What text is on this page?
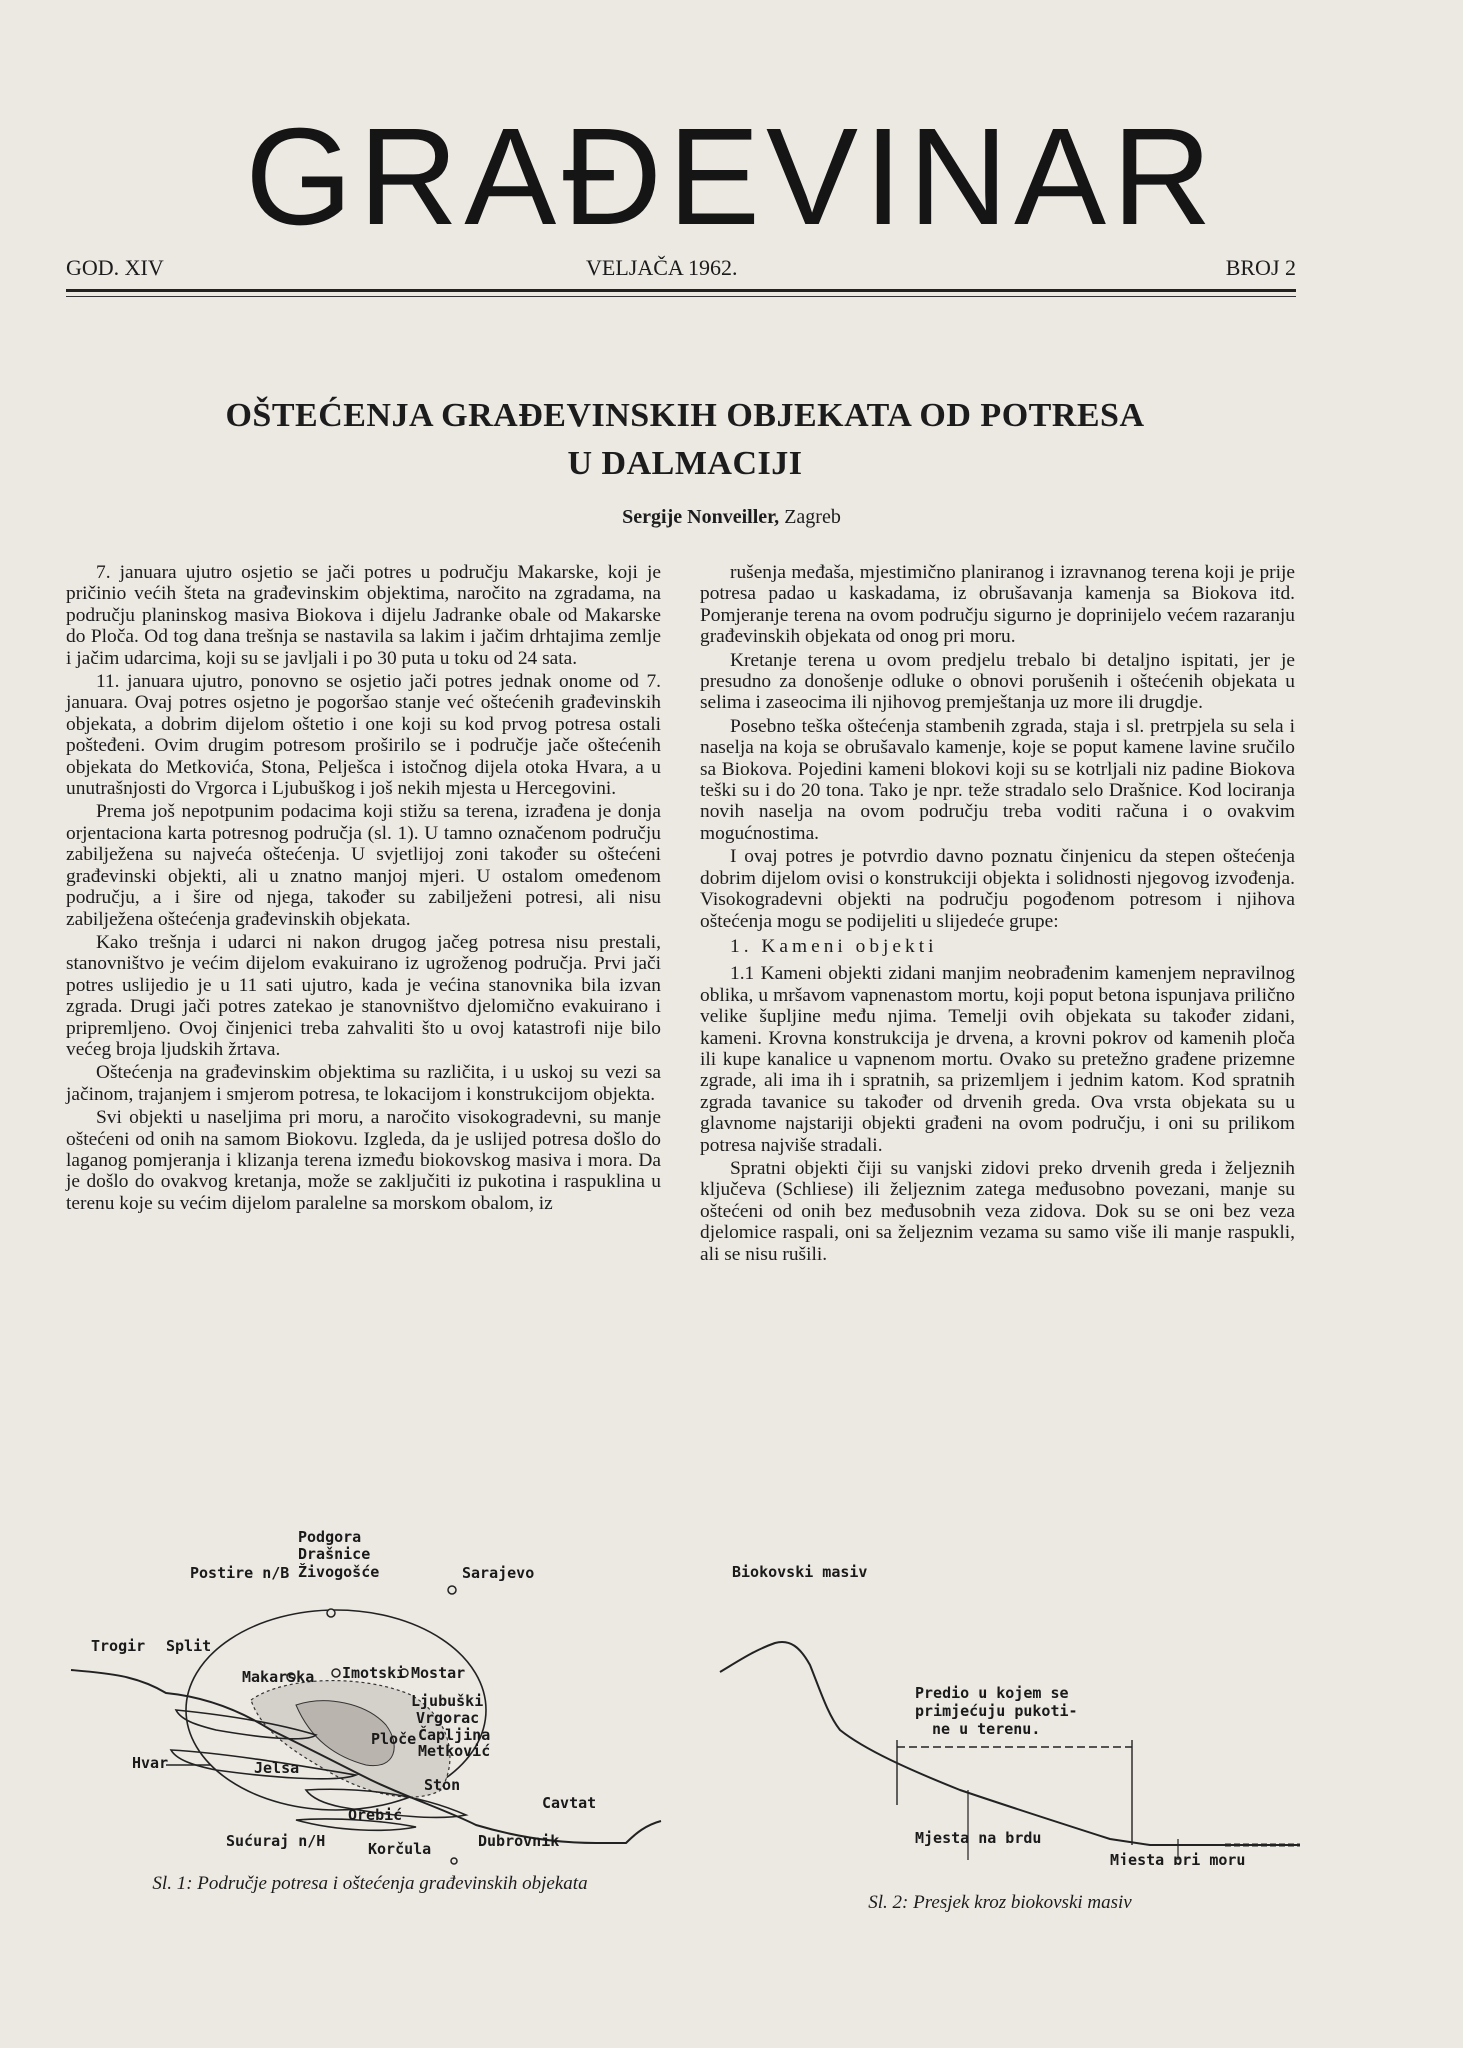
GRAĐEVINAR
GOD. XIV	VELJAČA 1962.	BROJ 2
OŠTEĆENJA GRAĐEVINSKIH OBJEKATA OD POTRESA
U DALMACIJI
Sergije Nonveiller, Zagreb

7. januara ujutro osjetio se jači potres u području Makarske, koji je pričinio većih šteta na građevinskim objektima, naročito na zgradama, na području planinskog masiva Biokova i dijelu Jadranke obale od Makarske do Ploča. Od tog dana trešnja se nastavila sa lakim i jačim drhtajima zemlje i jačim udarcima, koji su se javljali i po 30 puta u toku od 24 sata.

11. januara ujutro, ponovno se osjetio jači potres jednak onome od 7. januara. Ovaj potres osjetno je pogoršao stanje već oštećenih građevinskih objekata, a dobrim dijelom oštetio i one koji su kod prvog potresa ostali pošteđeni. Ovim drugim potresom proširilo se i područje jače oštećenih objekata do Metkovića, Stona, Pelješca i istočnog dijela otoka Hvara, a u unutrašnjosti do Vrgorca i Ljubuškog i još nekih mjesta u Hercegovini.

Prema još nepotpunim podacima koji stižu sa terena, izrađena je donja orjentaciona karta potresnog područja (sl. 1). U tamno označenom području zabilježena su najveća oštećenja. U svjetlijoj zoni također su oštećeni građevinski objekti, ali u znatno manjoj mjeri. U ostalom omeđenom području, a i šire od njega, također su zabilježeni potresi, ali nisu zabilježena oštećenja građevinskih objekata.

Kako trešnja i udarci ni nakon drugog jačeg potresa nisu prestali, stanovništvo je većim dijelom evakuirano iz ugroženog područja. Prvi jači potres uslijedio je u 11 sati ujutro, kada je većina stanovnika bila izvan zgrada. Drugi jači potres zatekao je stanovništvo djelomično evakuirano i pripremljeno. Ovoj činjenici treba zahvaliti što u ovoj katastrofi nije bilo većeg broja ljudskih žrtava.

Oštećenja na građevinskim objektima su različita, i u uskoj su vezi sa jačinom, trajanjem i smjerom potresa, te lokacijom i konstrukcijom objekta.

Svi objekti u naseljima pri moru, a naročito visokogradevni, su manje oštećeni od onih na samom Biokovu. Izgleda, da je uslijed potresa došlo do laganog pomjeranja i klizanja terena između biokovskog masiva i mora. Da je došlo do ovakvog kretanja, može se zaključiti iz pukotina i raspuklina u terenu koje su većim dijelom paralelne sa morskom obalom, iz

rušenja međaša, mjestimično planiranog i izravnanog terena koji je prije potresa padao u kaskadama, iz obrušavanja kamenja sa Biokova itd. Pomjeranje terena na ovom području sigurno je doprinijelo većem razaranju građevinskih objekata od onog pri moru.

Kretanje terena u ovom predjelu trebalo bi detaljno ispitati, jer je presudno za donošenje odluke o obnovi porušenih i oštećenih objekata u selima i zaseocima ili njihovog premještanja uz more ili drugdje.

Posebno teška oštećenja stambenih zgrada, staja i sl. pretrpjela su sela i naselja na koja se obrušavalo kamenje, koje se poput kamene lavine sručilo sa Biokova. Pojedini kameni blokovi koji su se kotrljali niz padine Biokova teški su i do 20 tona. Tako je npr. teže stradalo selo Drašnice. Kod lociranja novih naselja na ovom području treba voditi računa i o ovakvim mogućnostima.

I ovaj potres je potvrdio davno poznatu činjenicu da stepen oštećenja dobrim dijelom ovisi o konstrukciji objekta i solidnosti njegovog izvođenja. Visokogradevni objekti na području pogođenom potresom i njihova oštećenja mogu se podijeliti u slijedeće grupe:

1. Kameni objekti

1.1 Kameni objekti zidani manjim neobrađenim kamenjem nepravilnog oblika, u mršavom vapnenastom mortu, koji poput betona ispunjava prilično velike šupljine među njima. Temelji ovih objekata su također zidani, kameni. Krovna konstrukcija je drvena, a krovni pokrov od kamenih ploča ili kupe kanalice u vapnenom mortu. Ovako su pretežno građene prizemne zgrade, ali ima ih i spratnih, sa prizemljem i jednim katom. Kod spratnih zgrada tavanice su također od drvenih greda. Ova vrsta objekata su u glavnome najstariji objekti građeni na ovom području, i oni su prilikom potresa najviše stradali.

Spratni objekti čiji su vanjski zidovi preko drvenih greda i željeznih ključeva (Schliese) ili željeznim zatega međusobno povezani, manje su oštećeni od onih bez međusobnih veza zidova. Dok su se oni bez veza djelomice raspali, oni sa željeznim vezama su samo više ili manje raspukli, ali se nisu rušili.

Podgora
Drašnice
Živogošće
Postire n/B	Sarajevo
Trogir Split
Makarska Imotski Mostar
Ljubuški
Vrgorac
Čapljina
Ploče
Metković
Hvar	Jelsa
Ston
Cavtat
Orebić
Sućuraj n/H	Korčula	Dubrovnik
Sl. 1: Područje potresa i oštećenja građevinskih objekata
Biokovski masiv
Predio u kojem se
primjećuju pukoti-
ne u terenu.
Mjesta na brdu
Mjesta pri moru
Sl. 2: Presjek kroz biokovski masiv
